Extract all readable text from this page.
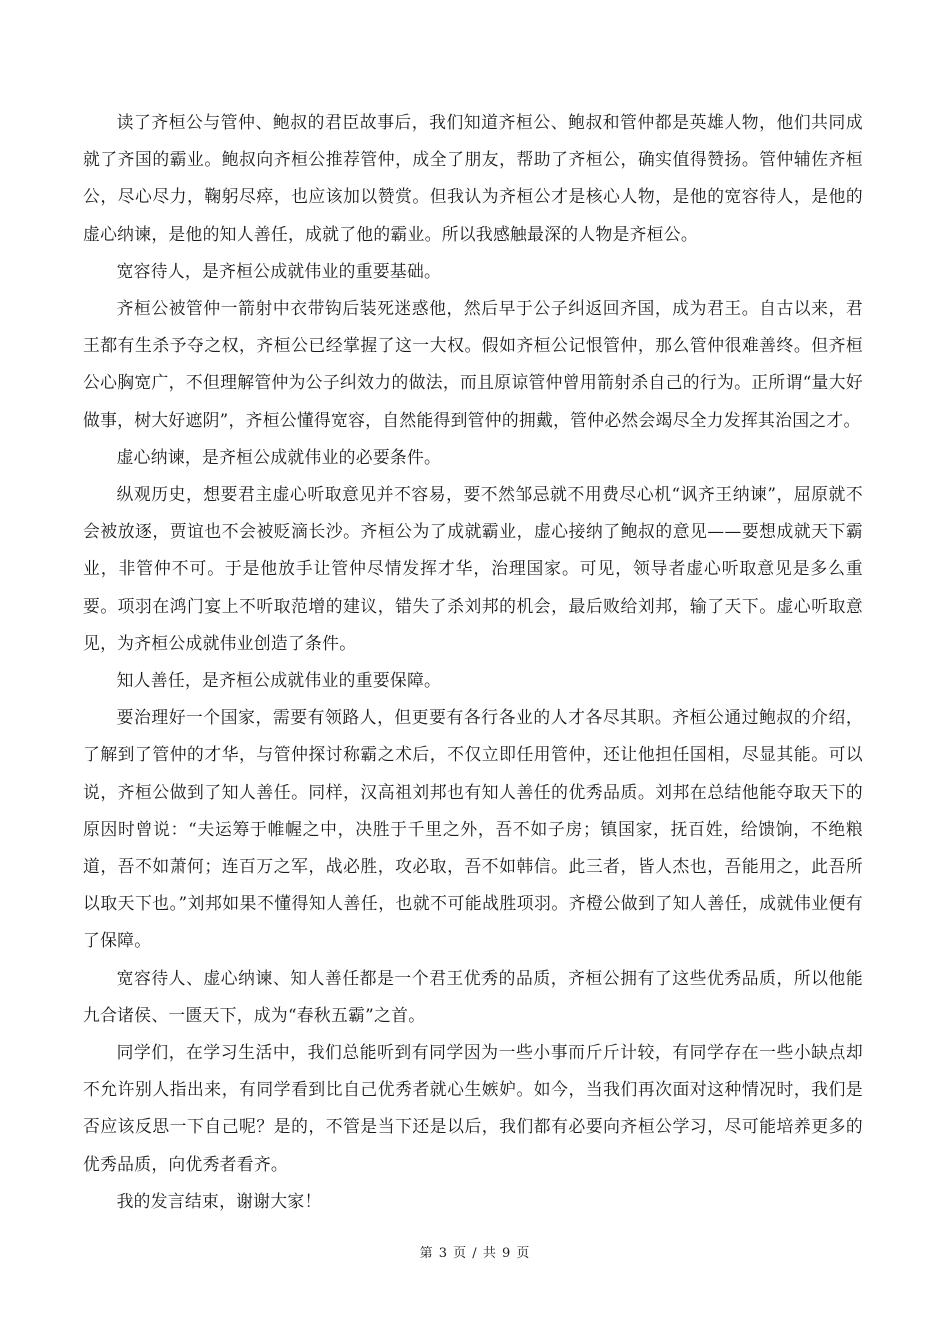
读了齐桓公与管仲、鲍叔的君臣故事后，我们知道齐桓公、鲍叔和管仲都是英雄人物，他们共同成就了齐国的霸业。鲍叔向齐桓公推荐管仲，成全了朋友，帮助了齐桓公，确实值得赞扬。管仲辅佐齐桓公，尽心尽力，鞠躬尽瘁，也应该加以赞赏。但我认为齐桓公才是核心人物，是他的宽容待人，是他的虚心纳谏，是他的知人善任，成就了他的霸业。所以我感触最深的人物是齐桓公。

宽容待人，是齐桓公成就伟业的重要基础。

齐桓公被管仲一箭射中衣带钩后装死迷惑他，然后早于公子纠返回齐国，成为君王。自古以来，君王都有生杀予夺之权，齐桓公已经掌握了这一大权。假如齐桓公记恨管仲，那么管仲很难善终。但齐桓公心胸宽广，不但理解管仲为公子纠效力的做法，而且原谅管仲曾用箭射杀自己的行为。正所谓“量大好做事，树大好遮阴”，齐桓公懂得宽容，自然能得到管仲的拥戴，管仲必然会竭尽全力发挥其治国之才。

虚心纳谏，是齐桓公成就伟业的必要条件。

纵观历史，想要君主虚心听取意见并不容易，要不然邹忌就不用费尽心机“讽齐王纳谏”，屈原就不会被放逐，贾谊也不会被贬滴长沙。齐桓公为了成就霸业，虚心接纳了鲍叔的意见——要想成就天下霸业，非管仲不可。于是他放手让管仲尽情发挥才华，治理国家。可见，领导者虚心听取意见是多么重要。项羽在鸿门宴上不听取范增的建议，错失了杀刘邦的机会，最后败给刘邦，输了天下。虚心听取意见，为齐桓公成就伟业创造了条件。

知人善任，是齐桓公成就伟业的重要保障。

要治理好一个国家，需要有领路人，但更要有各行各业的人才各尽其职。齐桓公通过鲍叔的介绍，了解到了管仲的才华，与管仲探讨称霸之术后，不仅立即任用管仲，还让他担任国相，尽显其能。可以说，齐桓公做到了知人善任。同样，汉高祖刘邦也有知人善任的优秀品质。刘邦在总结他能夺取天下的原因时曾说：“夫运筹于帷幄之中，决胜于千里之外，吾不如子房；镇国家，抚百姓，给馈饷，不绝粮道，吾不如萧何；连百万之军，战必胜，攻必取，吾不如韩信。此三者，皆人杰也，吾能用之，此吾所以取天下也。”刘邦如果不懂得知人善任，也就不可能战胜项羽。齐橙公做到了知人善任，成就伟业便有了保障。

宽容待人、虚心纳谏、知人善任都是一个君王优秀的品质，齐桓公拥有了这些优秀品质，所以他能九合诸侯、一匮天下，成为“春秋五霸”之首。

同学们，在学习生活中，我们总能听到有同学因为一些小事而斤斤计较，有同学存在一些小缺点却不允许别人指出来，有同学看到比自己优秀者就心生嫉妒。如今，当我们再次面对这种情况时，我们是否应该反思一下自己呢？是的，不管是当下还是以后，我们都有必要向齐桓公学习，尽可能培养更多的优秀品质，向优秀者看齐。

我的发言结束，谢谢大家！

第 3 页 / 共 9 页
